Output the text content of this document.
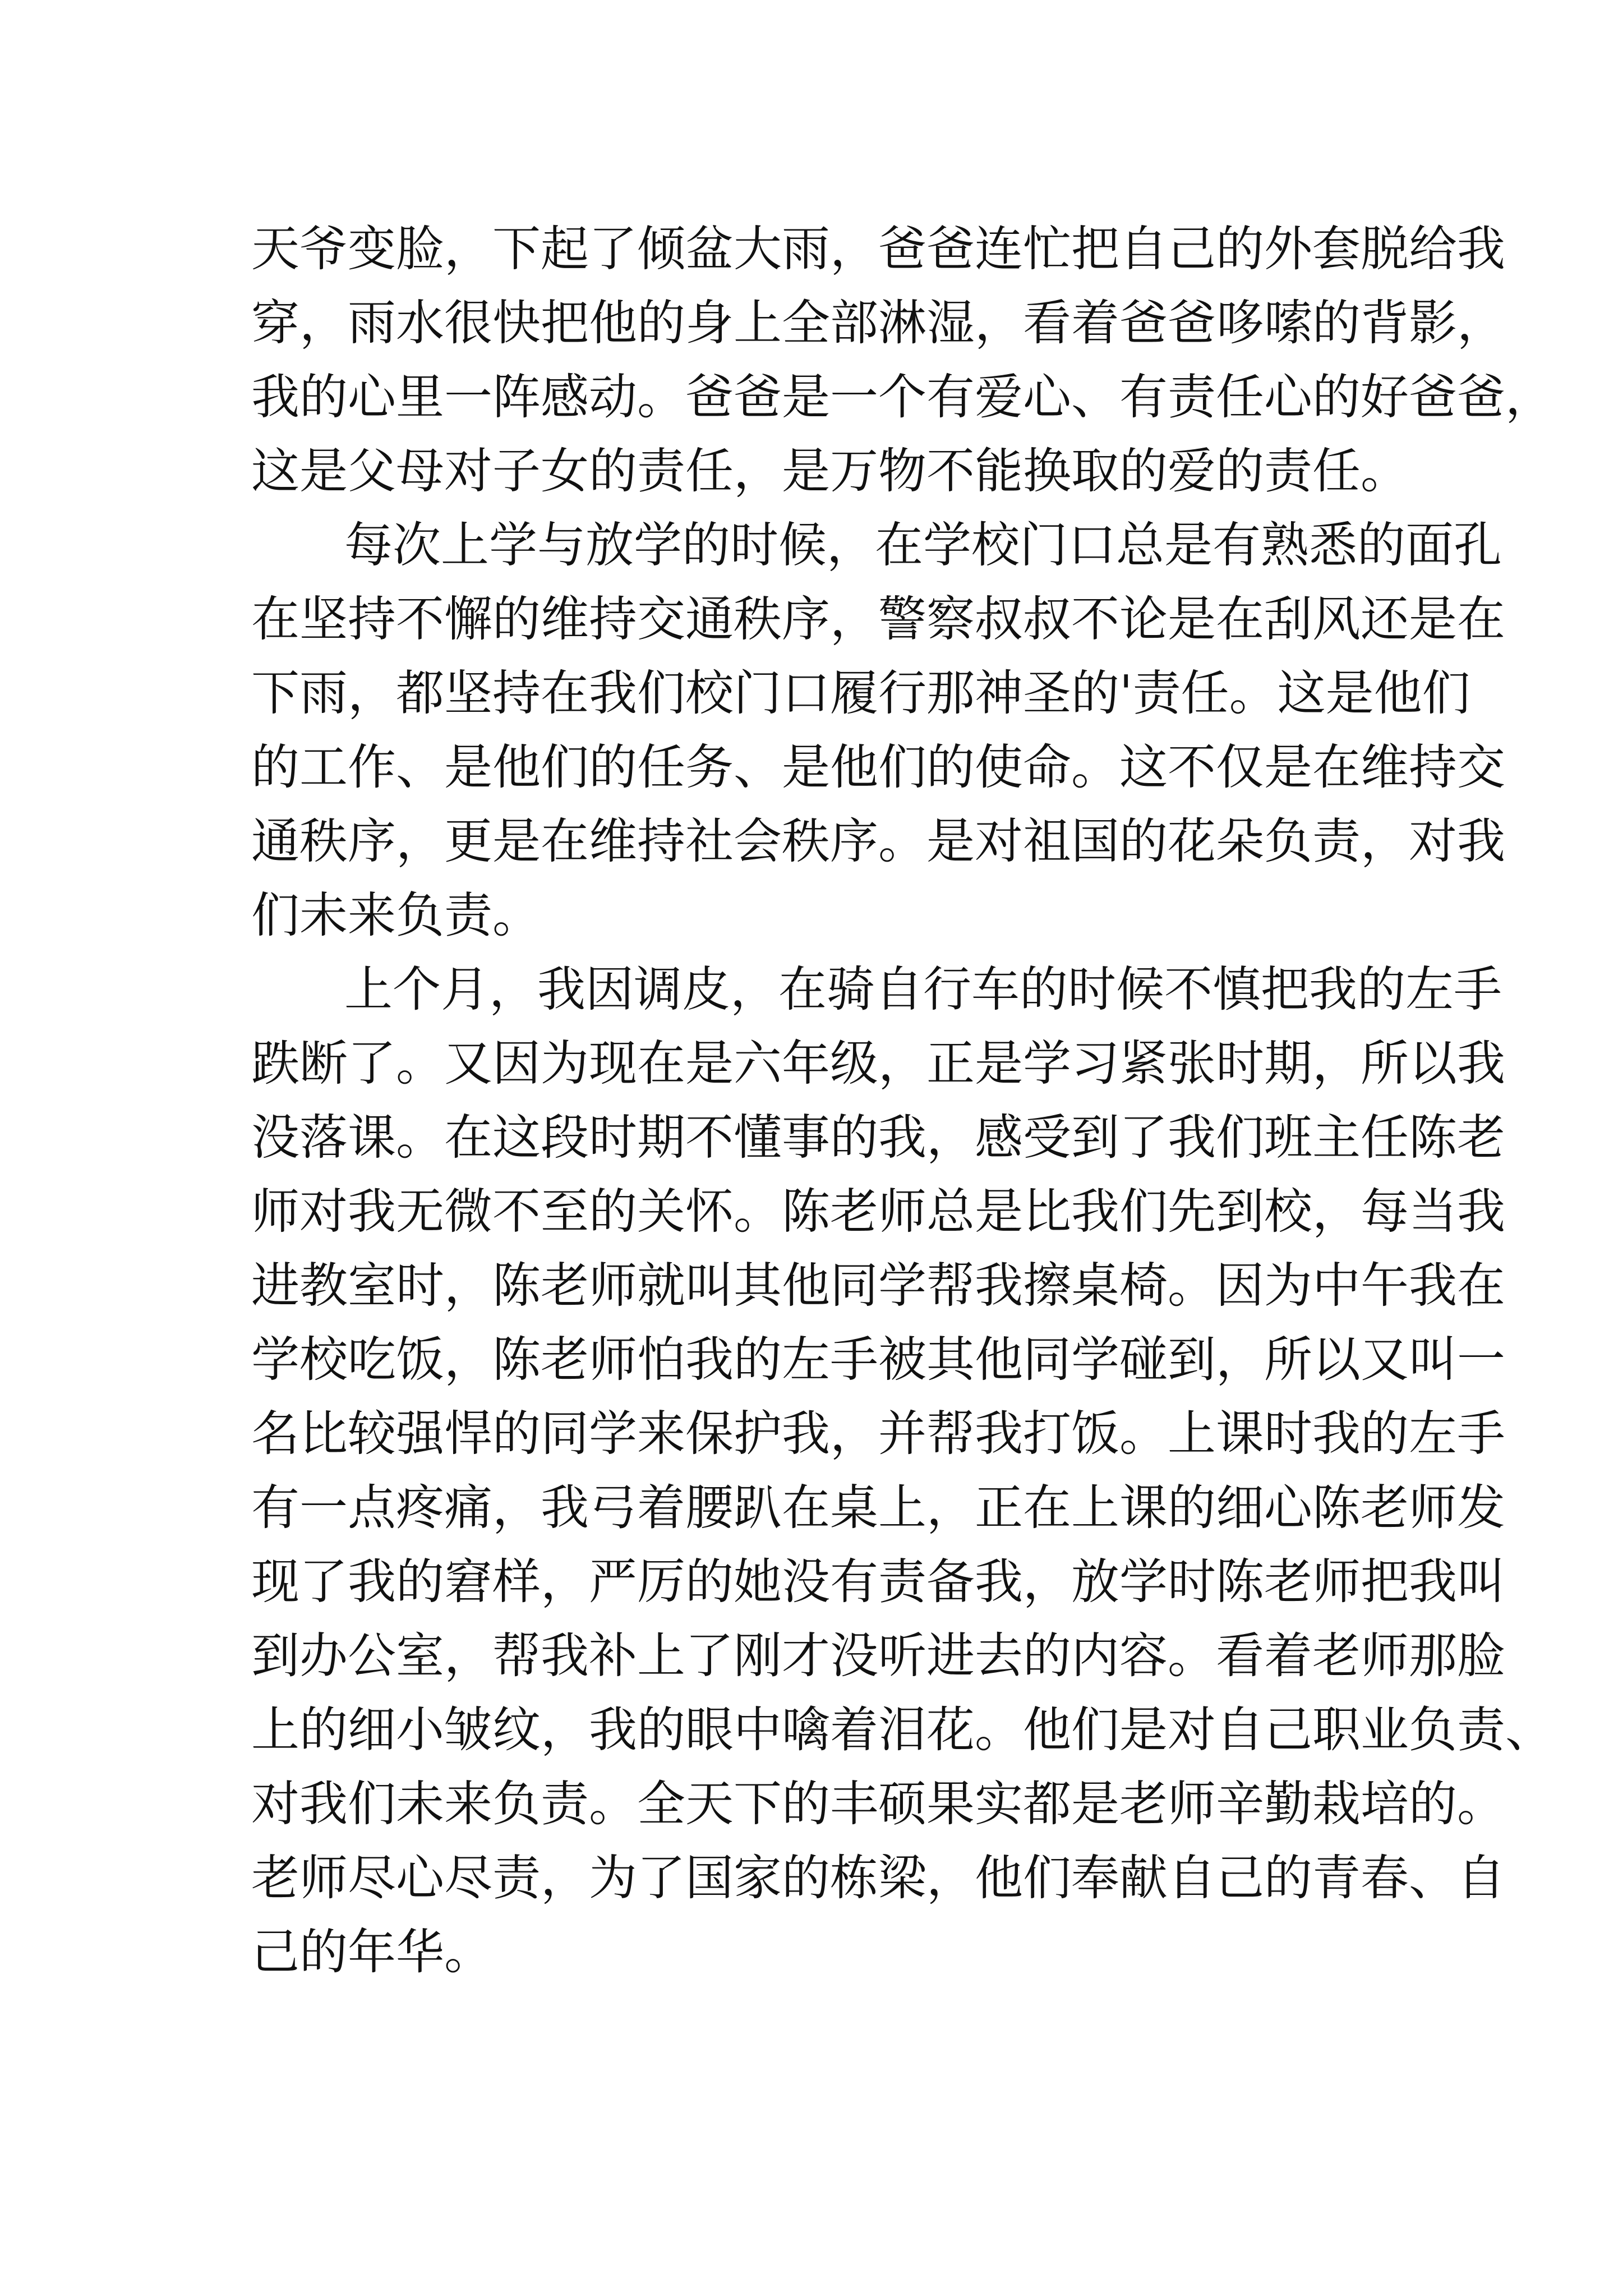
天爷变脸，下起了倾盆大雨，爸爸连忙把自己的外套脱给我
穿，雨水很快把他的身上全部淋湿，看着爸爸哆嗦的背影，
我的心里一阵感动。爸爸是一个有爱心、有责任心的好爸爸，
这是父母对子女的责任，是万物不能换取的爱的责任。
每次上学与放学的时候，在学校门口总是有熟悉的面孔
在坚持不懈的维持交通秩序，警察叔叔不论是在刮风还是在
下雨，都坚持在我们校门口履行那神圣的'责任。这是他们
的工作、是他们的任务、是他们的使命。这不仅是在维持交
通秩序，更是在维持社会秩序。是对祖国的花朵负责，对我
们未来负责。
上个月，我因调皮，在骑自行车的时候不慎把我的左手
跌断了。又因为现在是六年级，正是学习紧张时期，所以我
没落课。在这段时期不懂事的我，感受到了我们班主任陈老
师对我无微不至的关怀。陈老师总是比我们先到校，每当我
进教室时，陈老师就叫其他同学帮我擦桌椅。因为中午我在
学校吃饭，陈老师怕我的左手被其他同学碰到，所以又叫一
名比较强悍的同学来保护我，并帮我打饭。上课时我的左手
有一点疼痛，我弓着腰趴在桌上，正在上课的细心陈老师发
现了我的窘样，严厉的她没有责备我，放学时陈老师把我叫
到办公室，帮我补上了刚才没听进去的内容。看着老师那脸
上的细小皱纹，我的眼中噙着泪花。他们是对自己职业负责、
对我们未来负责。全天下的丰硕果实都是老师辛勤栽培的。
老师尽心尽责，为了国家的栋梁，他们奉献自己的青春、自
己的年华。
